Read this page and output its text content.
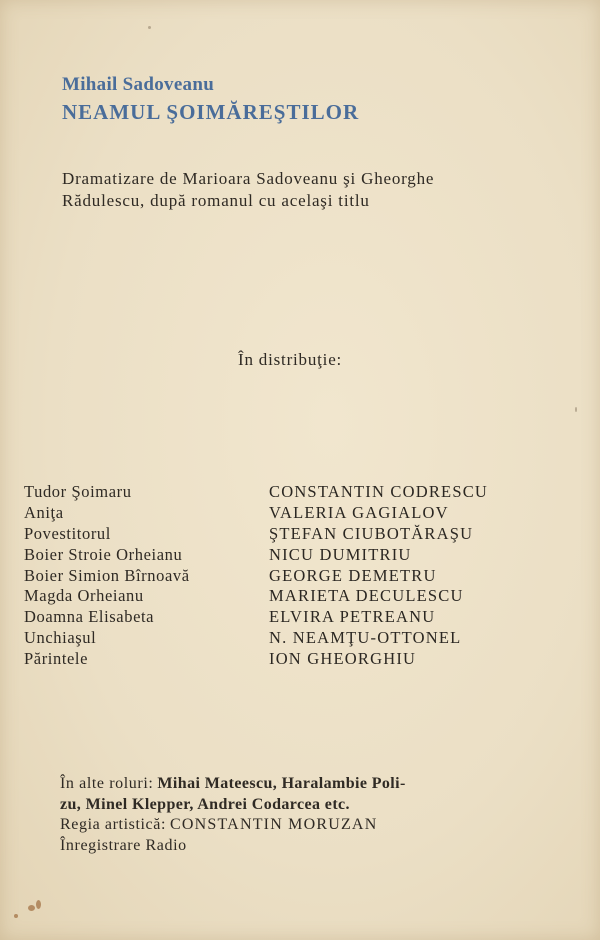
Mihail Sadoveanu
NEAMUL ŞOIMĂREŞTILOR
Dramatizare de Marioara Sadoveanu şi Gheorghe
Rădulescu, după romanul cu acelaşi titlu
În distribuţie:
Tudor Şoimaru	CONSTANTIN CODRESCU
Aniţa	VALERIA GAGIALOV
Povestitorul	ŞTEFAN CIUBOTĂRAŞU
Boier Stroie Orheianu	NICU DUMITRIU
Boier Simion Bîrnoavă	GEORGE DEMETRU
Magda Orheianu	MARIETA DECULESCU
Doamna Elisabeta	ELVIRA PETREANU
Unchiaşul	N. NEAMŢU-OTTONEL
Părintele	ION GHEORGHIU
În alte roluri: Mihai Mateescu, Haralambie Poli-
zu, Minel Klepper, Andrei Codarcea etc.
Regia artistică: CONSTANTIN MORUZAN
Înregistrare Radio
